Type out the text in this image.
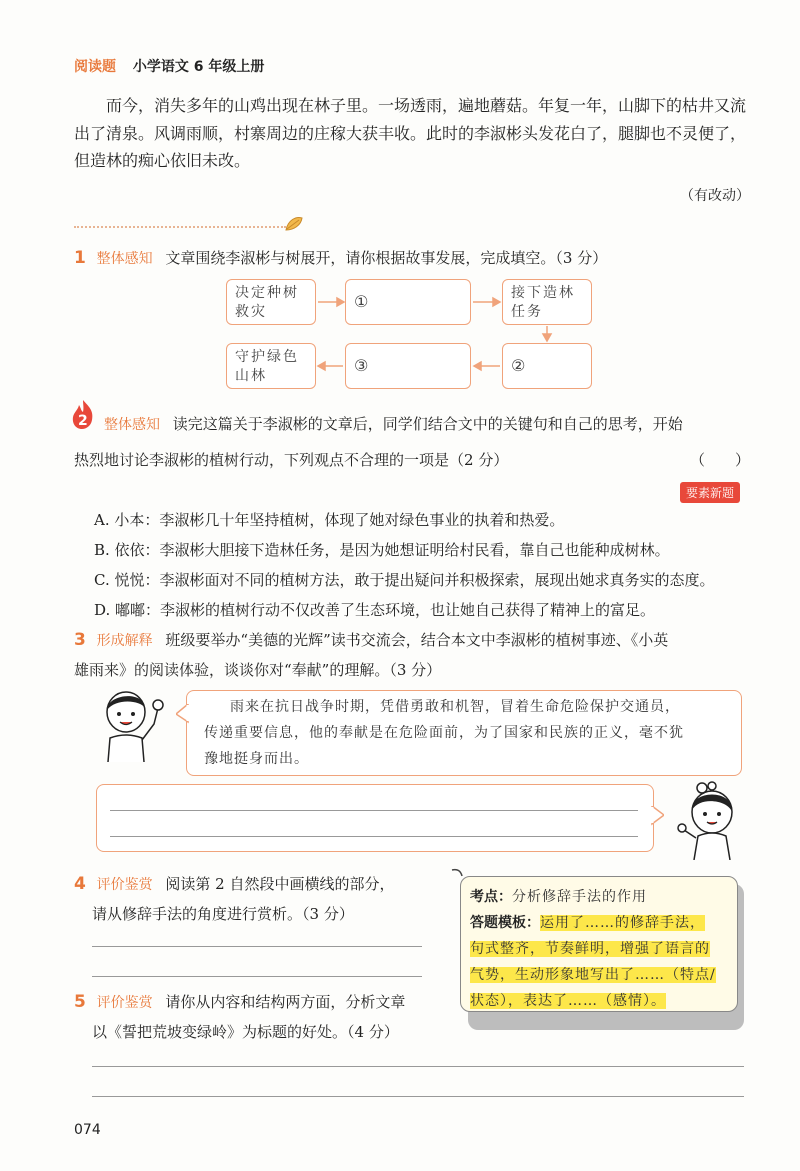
阅读题 小学语文 6 年级上册
而今，消失多年的山鸡出现在林子里。一场透雨，遍地蘑菇。年复一年，山脚下的枯井又流出了清泉。风调雨顺，村寨周边的庄稼大获丰收。此时的李淑彬头发花白了，腿脚也不灵便了，
但造林的痴心依旧未改。
（有改动）
1 整体感知 文章围绕李淑彬与树展开，请你根据故事发展，完成填空。（3 分）
决定种树救灾
①	接下造林任务
②
③
守护绿色山林
2	整体感知 读完这篇关于李淑彬的文章后，同学们结合文中的关键句和自己的思考，开始
热烈地讨论李淑彬的植树行动，下列观点不合理的一项是（2 分）	（　　）
要素新题
A. 小本：李淑彬几十年坚持植树，体现了她对绿色事业的执着和热爱。
B. 依依：李淑彬大胆接下造林任务，是因为她想证明给村民看，靠自己也能种成树林。
C. 悦悦：李淑彬面对不同的植树方法，敢于提出疑问并积极探索，展现出她求真务实的态度。
D. 嘟嘟：李淑彬的植树行动不仅改善了生态环境，也让她自己获得了精神上的富足。
3 形成解释 班级要举办“美德的光辉”读书交流会，结合本文中李淑彬的植树事迹、《小英
雄雨来》的阅读体验，谈谈你对“奉献”的理解。（3 分）
雨来在抗日战争时期，凭借勇敢和机智，冒着生命危险保护交通员，
传递重要信息，他的奉献是在危险面前，为了国家和民族的正义，毫不犹
豫地挺身而出。
4 评价鉴赏 阅读第 2 自然段中画横线的部分，
请从修辞手法的角度进行赏析。（3 分）
5 评价鉴赏 请你从内容和结构两方面，分析文章
以《誓把荒坡变绿岭》为标题的好处。（4 分）
考点：分析修辞手法的作用
答题模板：运用了……的修辞手法，
句式整齐，节奏鲜明，增强了语言的
气势，生动形象地写出了……（特点/
状态），表达了……（感情）。
074
